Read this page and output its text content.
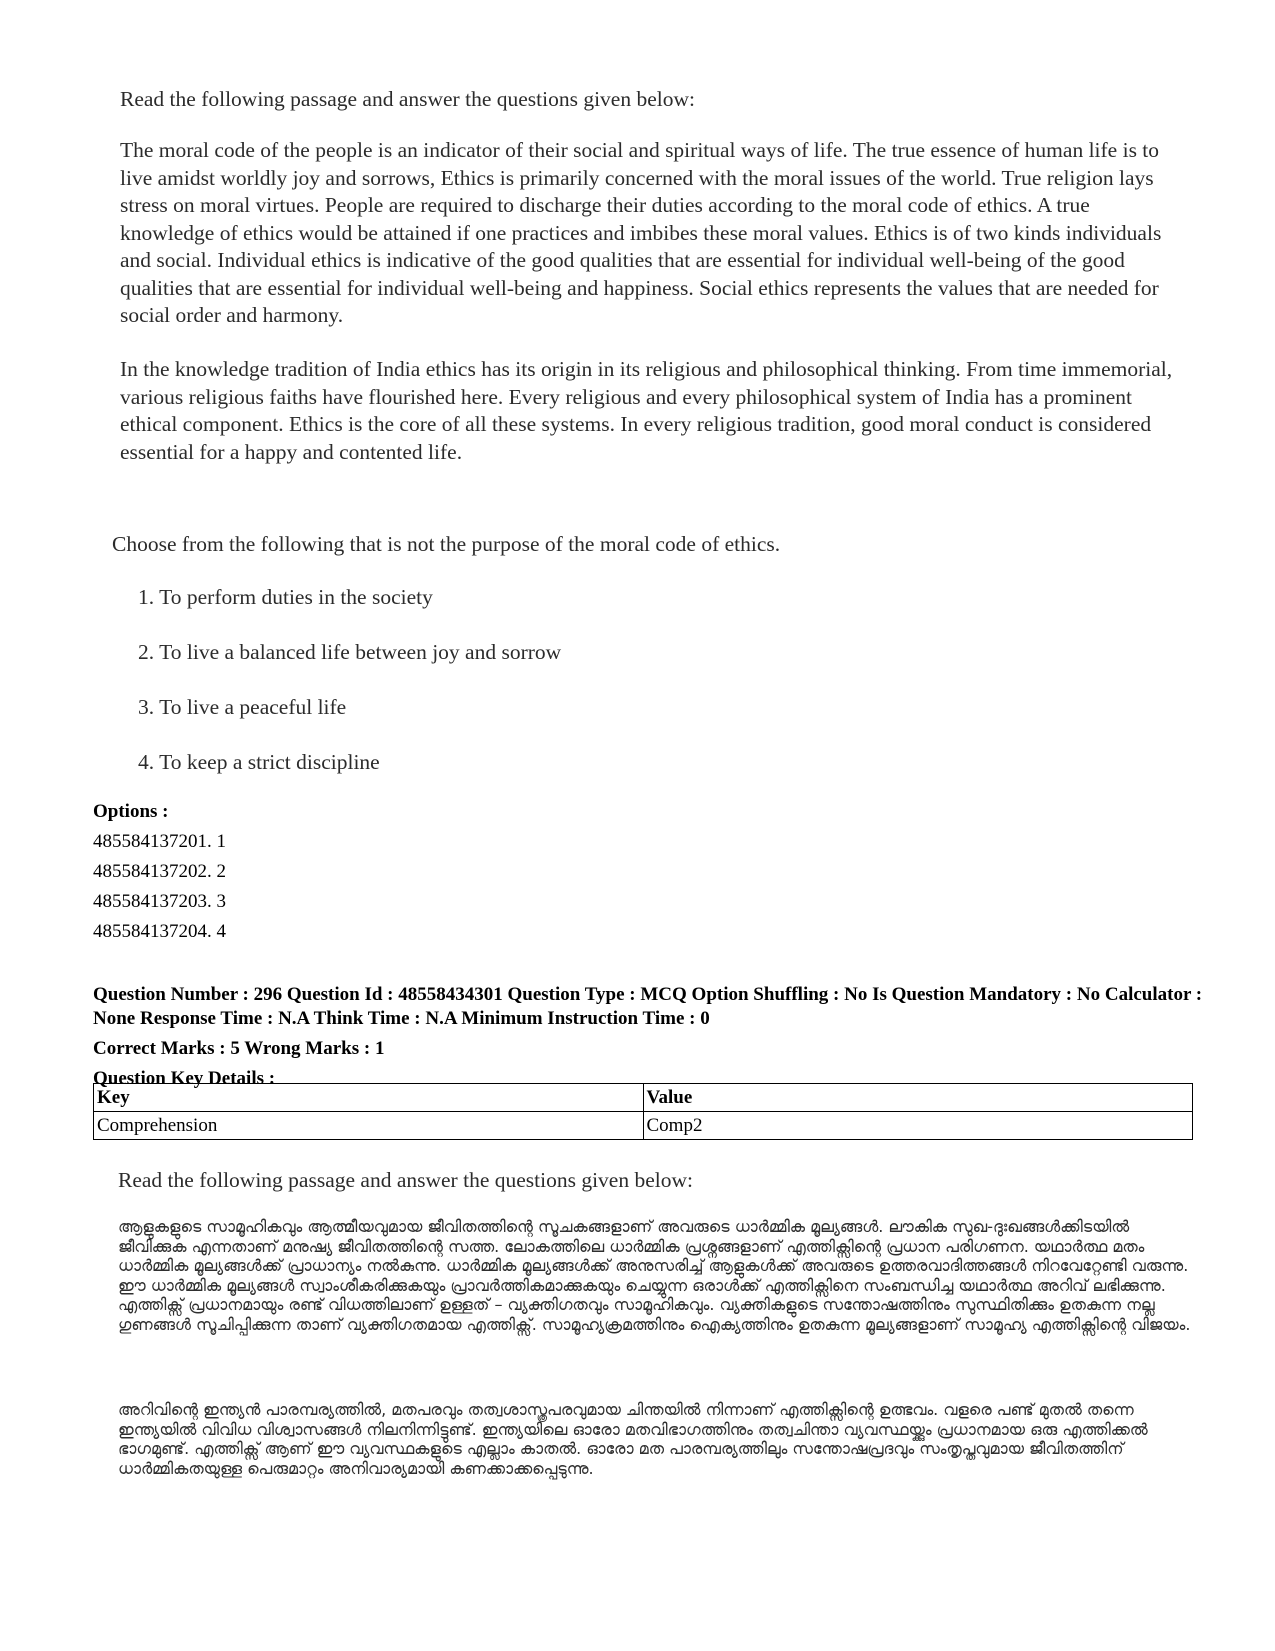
Read the following passage and answer the questions given below:

The moral code of the people is an indicator of their social and spiritual ways of life. The true essence of human life is to live amidst worldly joy and sorrows, Ethics is primarily concerned with the moral issues of the world. True religion lays stress on moral virtues. People are required to discharge their duties according to the moral code of ethics. A true knowledge of ethics would be attained if one practices and imbibes these moral values. Ethics is of two kinds individuals and social. Individual ethics is indicative of the good qualities that are essential for individual well-being of the good qualities that are essential for individual well-being and happiness. Social ethics represents the values that are needed for social order and harmony.

In the knowledge tradition of India ethics has its origin in its religious and philosophical thinking. From time immemorial, various religious faiths have flourished here. Every religious and every philosophical system of India has a prominent ethical component. Ethics is the core of all these systems. In every religious tradition, good moral conduct is considered essential for a happy and contented life.

Choose from the following that is not the purpose of the moral code of ethics.
1. To perform duties in the society
2. To live a balanced life between joy and sorrow
3. To live a peaceful life
4. To keep a strict discipline
Options :
485584137201. 1
485584137202. 2
485584137203. 3
485584137204. 4
Question Number : 296 Question Id : 48558434301 Question Type : MCQ Option Shuffling : No Is Question Mandatory : No Calculator : None Response Time : N.A Think Time : N.A Minimum Instruction Time : 0
Correct Marks : 5 Wrong Marks : 1
Question Key Details :
Key	Value
Comprehension	Comp2
Read the following passage and answer the questions given below:
ആളുകളുടെ സാമൂഹികവും ആത്മീയവുമായ ജീവിതത്തിന്റെ സൂചകങ്ങളാണ് അവരുടെ ധാർമ്മിക മൂല്യങ്ങൾ. ലൗകിക സുഖ-ദുഃഖങ്ങൾക്കിടയിൽ ജീവിക്കുക എന്നതാണ് മനുഷ്യ ജീവിതത്തിന്റെ സത്ത. ലോകത്തിലെ ധാർമ്മിക പ്രശ്നങ്ങളാണ് എത്തിക്സിന്റെ പ്രധാന പരിഗണന. യഥാർത്ഥ മതം ധാർമ്മിക മൂല്യങ്ങൾക്ക് പ്രാധാന്യം നൽകുന്നു. ധാർമ്മിക മൂല്യങ്ങൾക്ക് അനുസരിച്ച് ആളുകൾക്ക് അവരുടെ ഉത്തരവാദിത്തങ്ങൾ നിറവേറ്റേണ്ടി വരുന്നു. ഈ ധാർമ്മിക മൂല്യങ്ങൾ സ്വാംശീകരിക്കുകയും പ്രാവർത്തികമാക്കുകയും ചെയ്യുന്ന ഒരാൾക്ക് എത്തിക്സിനെ സംബന്ധിച്ച യഥാർത്ഥ അറിവ് ലഭിക്കുന്നു. എത്തിക്സ് പ്രധാനമായും രണ്ട് വിധത്തിലാണ് ഉള്ളത് – വ്യക്തിഗതവും സാമൂഹികവും. വ്യക്തികളുടെ സന്തോഷത്തിനും സുസ്ഥിതിക്കും ഉതകുന്ന നല്ല ഗുണങ്ങൾ സൂചിപ്പിക്കുന്ന താണ് വ്യക്തിഗതമായ എത്തിക്സ്. സാമൂഹ്യക്രമത്തിനും ഐക്യത്തിനും ഉതകുന്ന മൂല്യങ്ങളാണ് സാമൂഹ്യ എത്തിക്സിന്റെ വിജയം.
അറിവിന്റെ ഇന്ത്യൻ പാരമ്പര്യത്തിൽ, മതപരവും തത്വശാസ്ത്രപരവുമായ ചിന്തയിൽ നിന്നാണ് എത്തിക്സിന്റെ ഉത്ഭവം. വളരെ പണ്ട് മുതൽ തന്നെ ഇന്ത്യയിൽ വിവിധ വിശ്വാസങ്ങൾ നിലനിന്നിട്ടുണ്ട്. ഇന്ത്യയിലെ ഓരോ മതവിഭാഗത്തിനും തത്വചിന്താ വ്യവസ്ഥയ്ക്കും പ്രധാനമായ ഒരു എത്തിക്കൽ ഭാഗമുണ്ട്. എത്തിക്സ് ആണ് ഈ വ്യവസ്ഥകളുടെ എല്ലാം കാതൽ. ഓരോ മത പാരമ്പര്യത്തിലും സന്തോഷപ്രദവും സംതൃപ്തവുമായ ജീവിതത്തിന് ധാർമ്മികതയുള്ള പെരുമാറ്റം അനിവാര്യമായി കണക്കാക്കപ്പെടുന്നു.
